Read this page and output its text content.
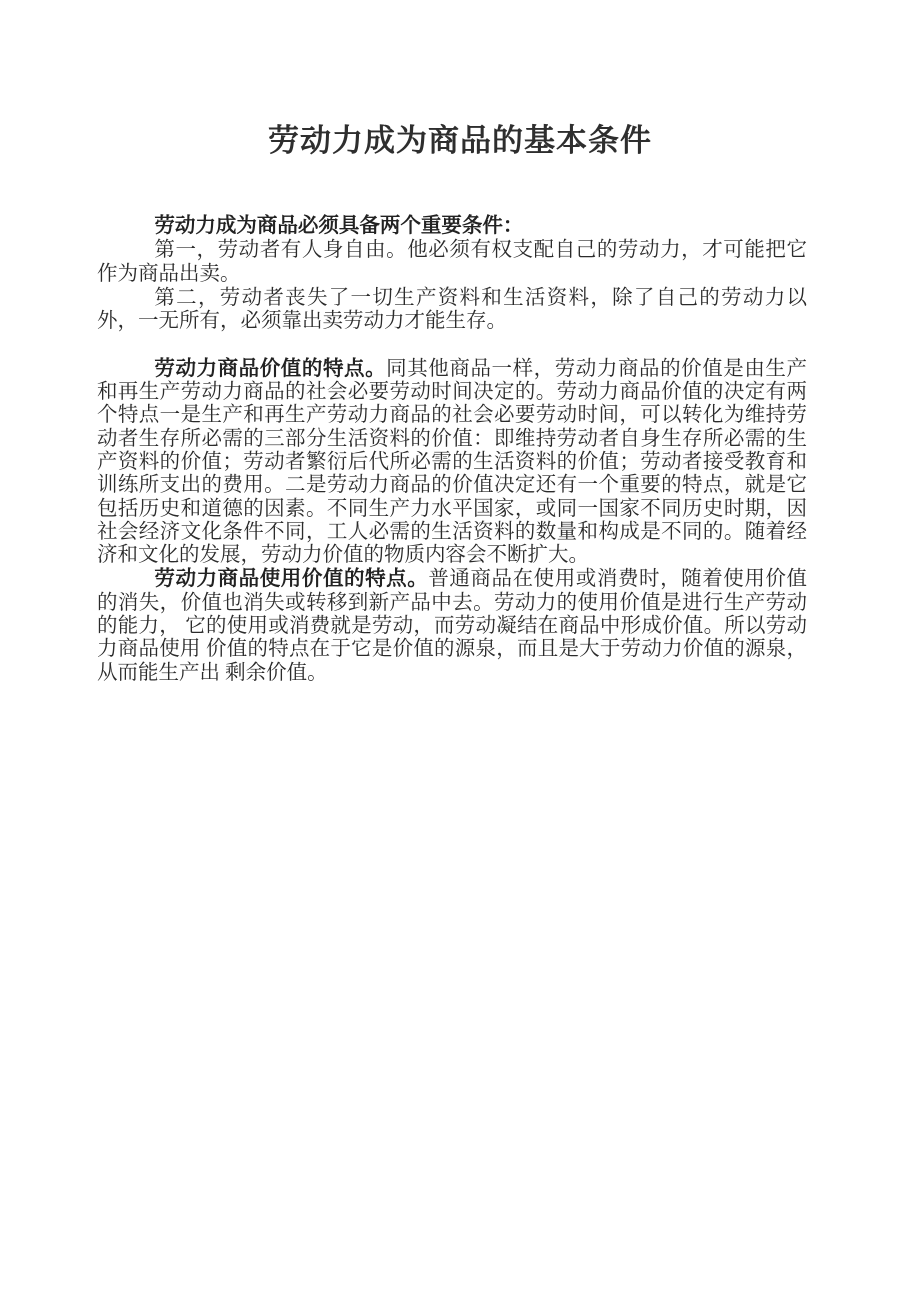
劳动力成为商品的基本条件

劳动力成为商品必须具备两个重要条件：

第一，劳动者有人身自由。他必须有权支配自己的劳动力，才可能把它作为商品出卖。

第二，劳动者丧失了一切生产资料和生活资料，除了自己的劳动力以外，一无所有，必须靠出卖劳动力才能生存。

劳动力商品价值的特点。同其他商品一样，劳动力商品的价值是由生产和再生产劳动力商品的社会必要劳动时间决定的。劳动力商品价值的决定有两个特点一是生产和再生产劳动力商品的社会必要劳动时间，可以转化为维持劳动者生存所必需的三部分生活资料的价值：即维持劳动者自身生存所必需的生产资料的价值；劳动者繁衍后代所必需的生活资料的价值；劳动者接受教育和训练所支出的费用。二是劳动力商品的价值决定还有一个重要的特点，就是它包括历史和道德的因素。不同生产力水平国家，或同一国家不同历史时期，因社会经济文化条件不同，工人必需的生活资料的数量和构成是不同的。随着经济和文化的发展，劳动力价值的物质内容会不断扩大。

劳动力商品使用价值的特点。普通商品在使用或消费时，随着使用价值的消失，价值也消失或转移到新产品中去。劳动力的使用价值是进行生产劳动的能力， 它的使用或消费就是劳动，而劳动凝结在商品中形成价值。所以劳动力商品使用 价值的特点在于它是价值的源泉，而且是大于劳动力价值的源泉，从而能生产出 剩余价值。
